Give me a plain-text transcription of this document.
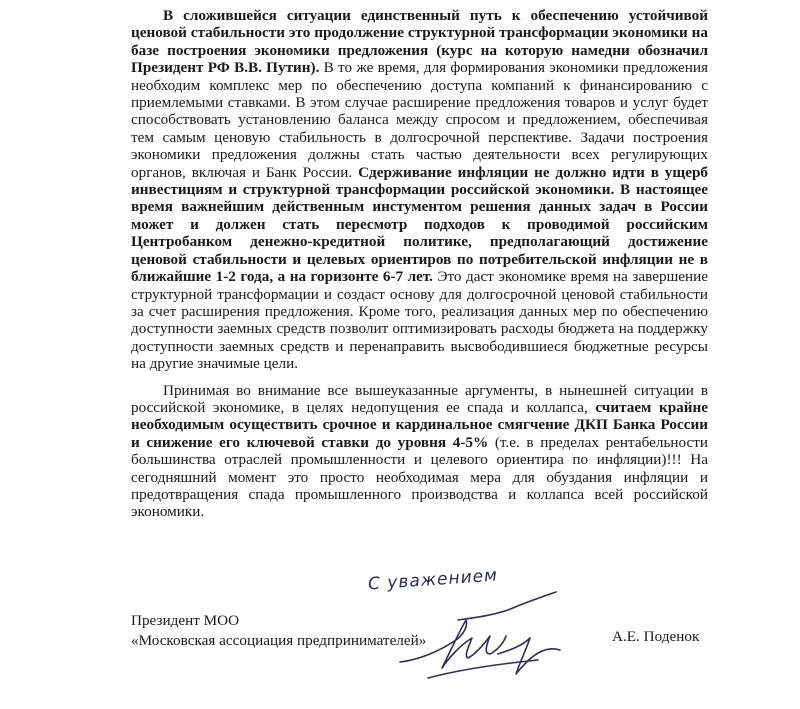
В сложившейся ситуации единственный путь к обеспечению устойчивой ценовой стабильности это продолжение структурной трансформации экономики на базе построения экономики предложения (курс на которую намедни обозначил Президент РФ В.В. Путин). В то же время, для формирования экономики предложения необходим комплекс мер по обеспечению доступа компаний к финансированию с приемлемыми ставками. В этом случае расширение предложения товаров и услуг будет способствовать установлению баланса между спросом и предложением, обеспечивая тем самым ценовую стабильность в долгосрочной перспективе. Задачи построения экономики предложения должны стать частью деятельности всех регулирующих органов, включая и Банк России. Сдерживание инфляции не должно идти в ущерб инвестициям и структурной трансформации российской экономики. В настоящее время важнейшим действенным инстументом решения данных задач в России может и должен стать пересмотр подходов к проводимой российским Центробанком денежно-кредитной политике, предполагающий достижение ценовой стабильности и целевых ориентиров по потребительской инфляции не в ближайшие 1-2 года, а на горизонте 6-7 лет. Это даст экономике время на завершение структурной трансформации и создаст основу для долгосрочной ценовой стабильности за счет расширения предложения. Кроме того, реализация данных мер по обеспечению доступности заемных средств позволит оптимизировать расходы бюджета на поддержку доступности заемных средств и перенаправить высвободившиеся бюджетные ресурсы на другие значимые цели.

Принимая во внимание все вышеуказанные аргументы, в нынешней ситуации в российской экономике, в целях недопущения ее спада и коллапса, считаем крайне необходимым осуществить срочное и кардинальное смягчение ДКП Банка России и снижение его ключевой ставки до уровня 4-5% (т.е. в пределах рентабельности большинства отраслей промышленности и целевого ориентира по инфляции)!!! На сегодняшний момент это просто необходимая мера для обуздания инфляции и предотвращения спада промышленного производства и коллапса всей российской экономики.

С уважением
Президент МОО
«Московская ассоциация предпринимателей»	А.Е. Поденок
